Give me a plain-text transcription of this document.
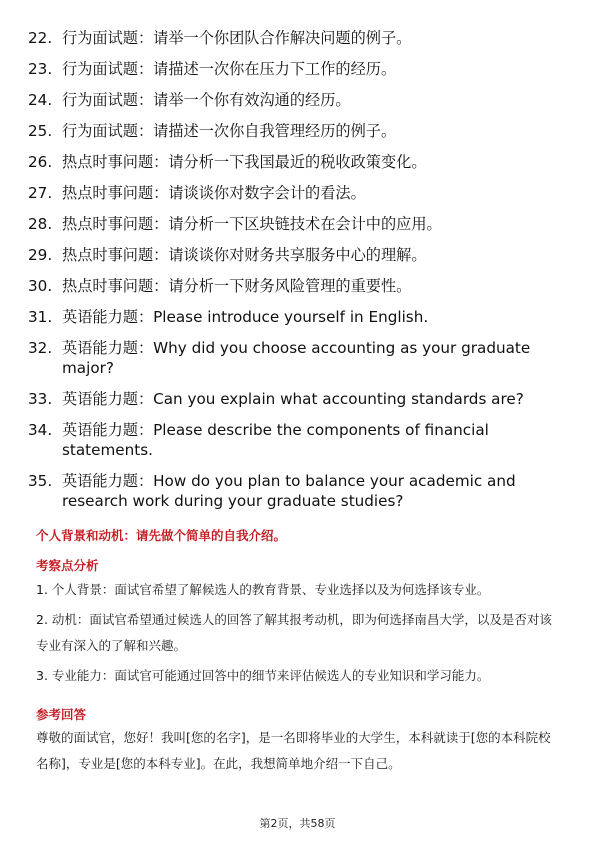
22. 行为面试题：请举一个你团队合作解决问题的例子。
23. 行为面试题：请描述一次你在压力下工作的经历。
24. 行为面试题：请举一个你有效沟通的经历。
25. 行为面试题：请描述一次你自我管理经历的例子。
26. 热点时事问题：请分析一下我国最近的税收政策变化。
27. 热点时事问题：请谈谈你对数字会计的看法。
28. 热点时事问题：请分析一下区块链技术在会计中的应用。
29. 热点时事问题：请谈谈你对财务共享服务中心的理解。
30. 热点时事问题：请分析一下财务风险管理的重要性。
31. 英语能力题：Please introduce yourself in English.
32. 英语能力题：Why did you choose accounting as your graduate major?
33. 英语能力题：Can you explain what accounting standards are?
34. 英语能力题：Please describe the components of financial statements.
35. 英语能力题：How do you plan to balance your academic and research work during your graduate studies?
个人背景和动机：请先做个简单的自我介绍。
考察点分析
1. 个人背景：面试官希望了解候选人的教育背景、专业选择以及为何选择该专业。
2. 动机：面试官希望通过候选人的回答了解其报考动机，即为何选择南昌大学，以及是否对该专业有深入的了解和兴趣。
3. 专业能力：面试官可能通过回答中的细节来评估候选人的专业知识和学习能力。
参考回答
尊敬的面试官，您好！我叫[您的名字]，是一名即将毕业的大学生，本科就读于[您的本科院校名称]，专业是[您的本科专业]。在此，我想简单地介绍一下自己。
第2页，共58页
